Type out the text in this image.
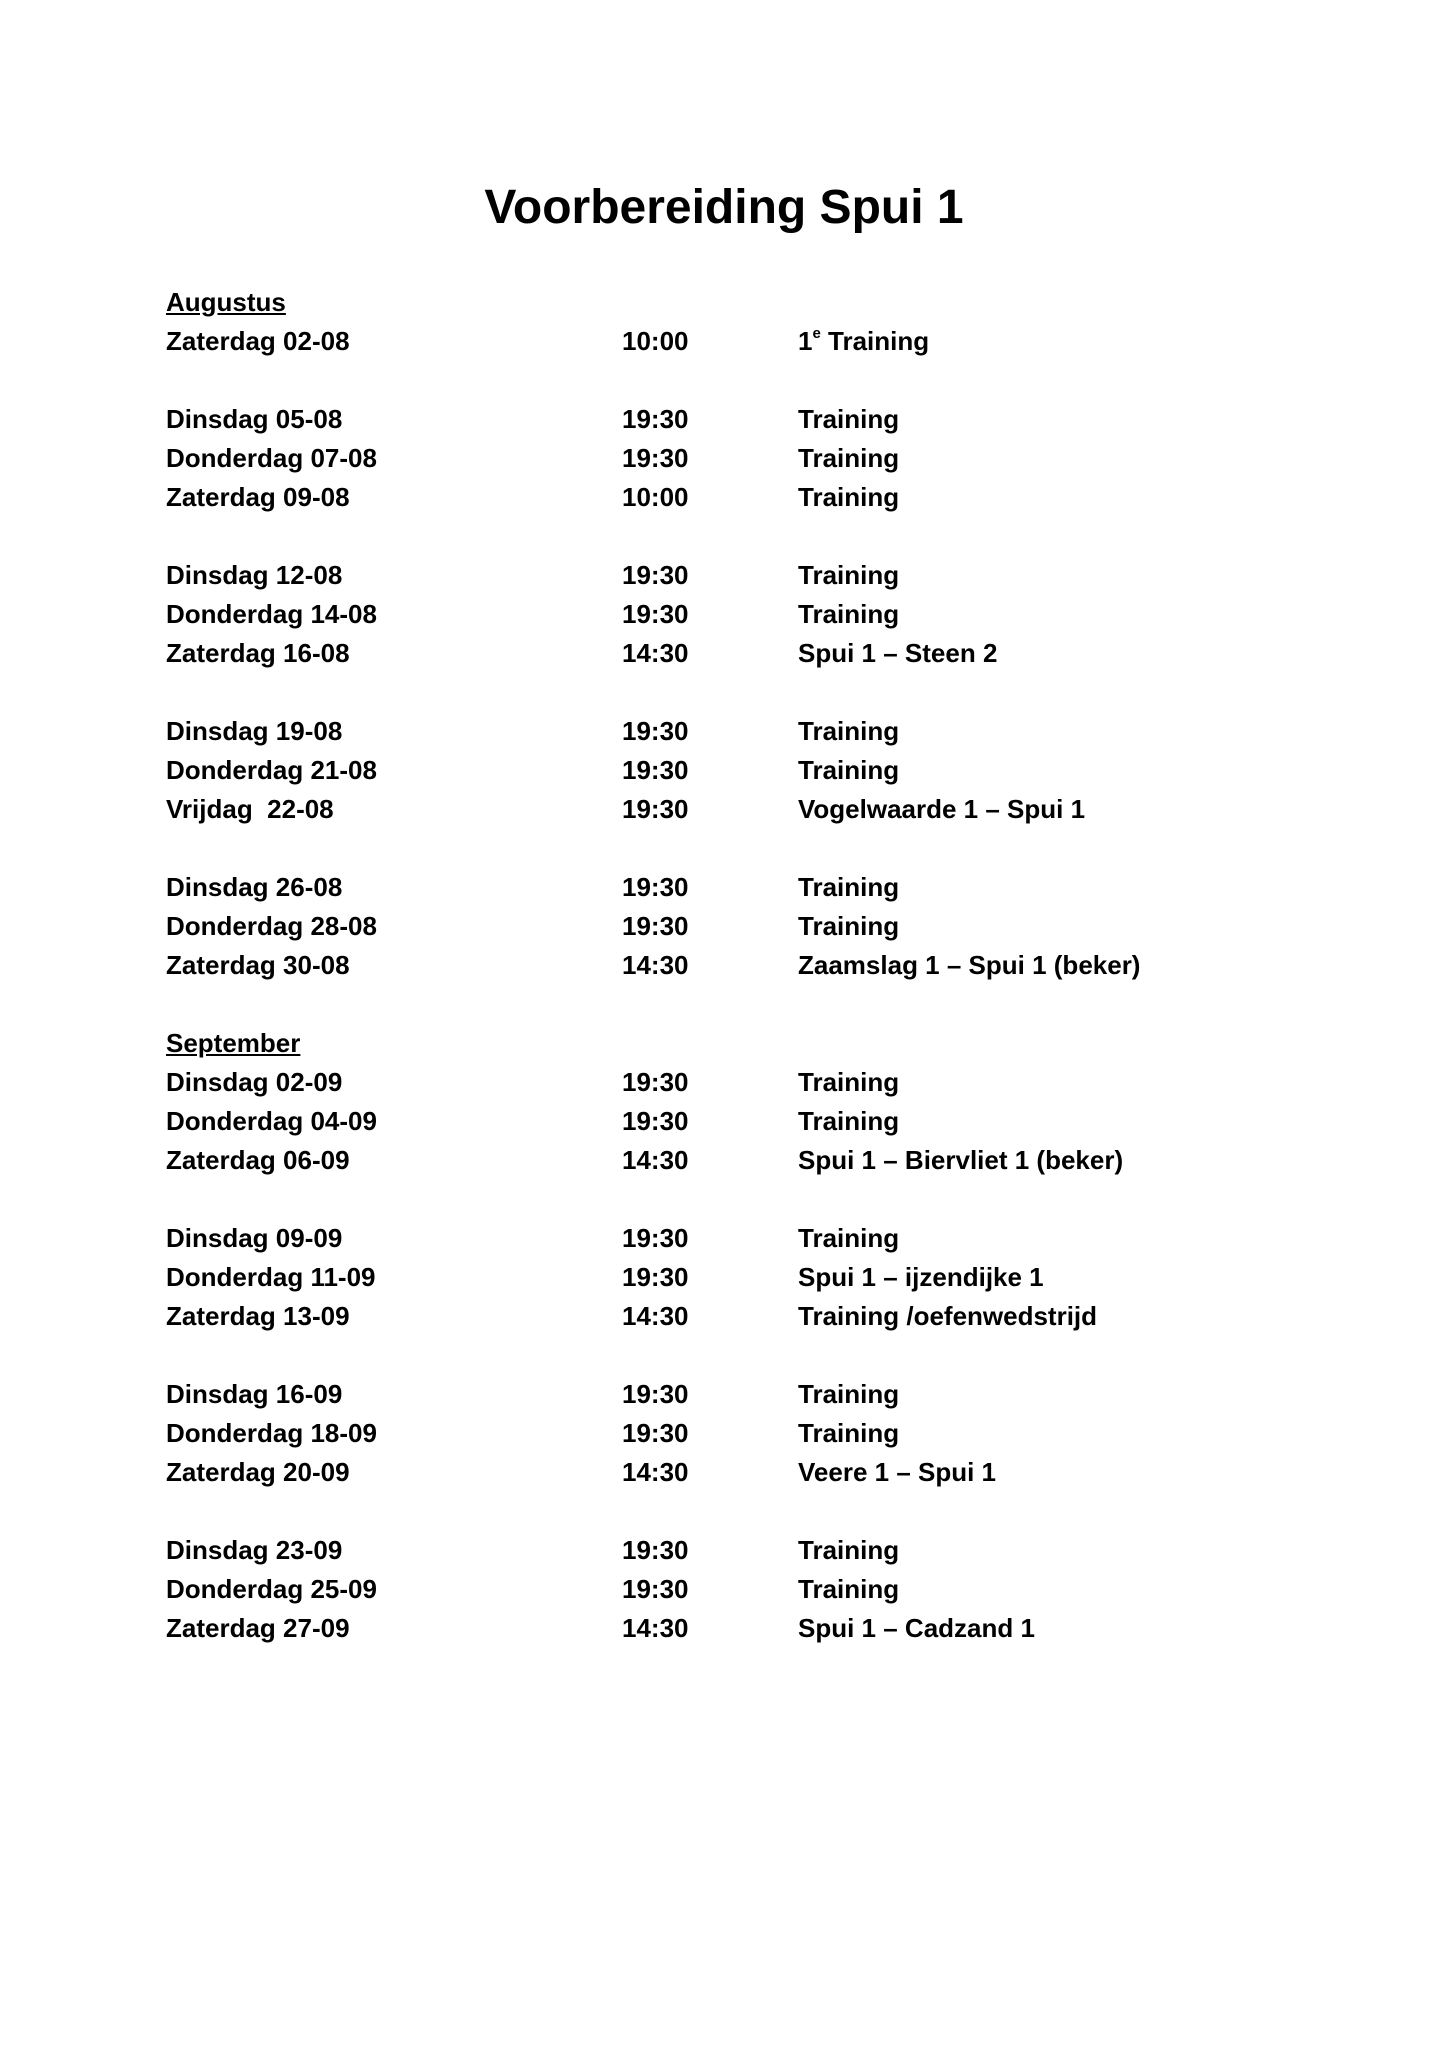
Voorbereiding Spui 1
Augustus
Zaterdag 02-08	10:00	1e Training
Dinsdag 05-08	19:30	Training
Donderdag 07-08	19:30	Training
Zaterdag 09-08	10:00	Training
Dinsdag 12-08	19:30	Training
Donderdag 14-08	19:30	Training
Zaterdag 16-08	14:30	Spui 1 – Steen 2
Dinsdag 19-08	19:30	Training
Donderdag 21-08	19:30	Training
Vrijdag  22-08	19:30	Vogelwaarde 1 – Spui 1
Dinsdag 26-08	19:30	Training
Donderdag 28-08	19:30	Training
Zaterdag 30-08	14:30	Zaamslag 1 – Spui 1 (beker)
September
Dinsdag 02-09	19:30	Training
Donderdag 04-09	19:30	Training
Zaterdag 06-09	14:30	Spui 1 – Biervliet 1 (beker)
Dinsdag 09-09	19:30	Training
Donderdag 11-09	19:30	Spui 1 – ijzendijke 1
Zaterdag 13-09	14:30	Training /oefenwedstrijd
Dinsdag 16-09	19:30	Training
Donderdag 18-09	19:30	Training
Zaterdag 20-09	14:30	Veere 1 – Spui 1
Dinsdag 23-09	19:30	Training
Donderdag 25-09	19:30	Training
Zaterdag 27-09	14:30	Spui 1 – Cadzand 1
